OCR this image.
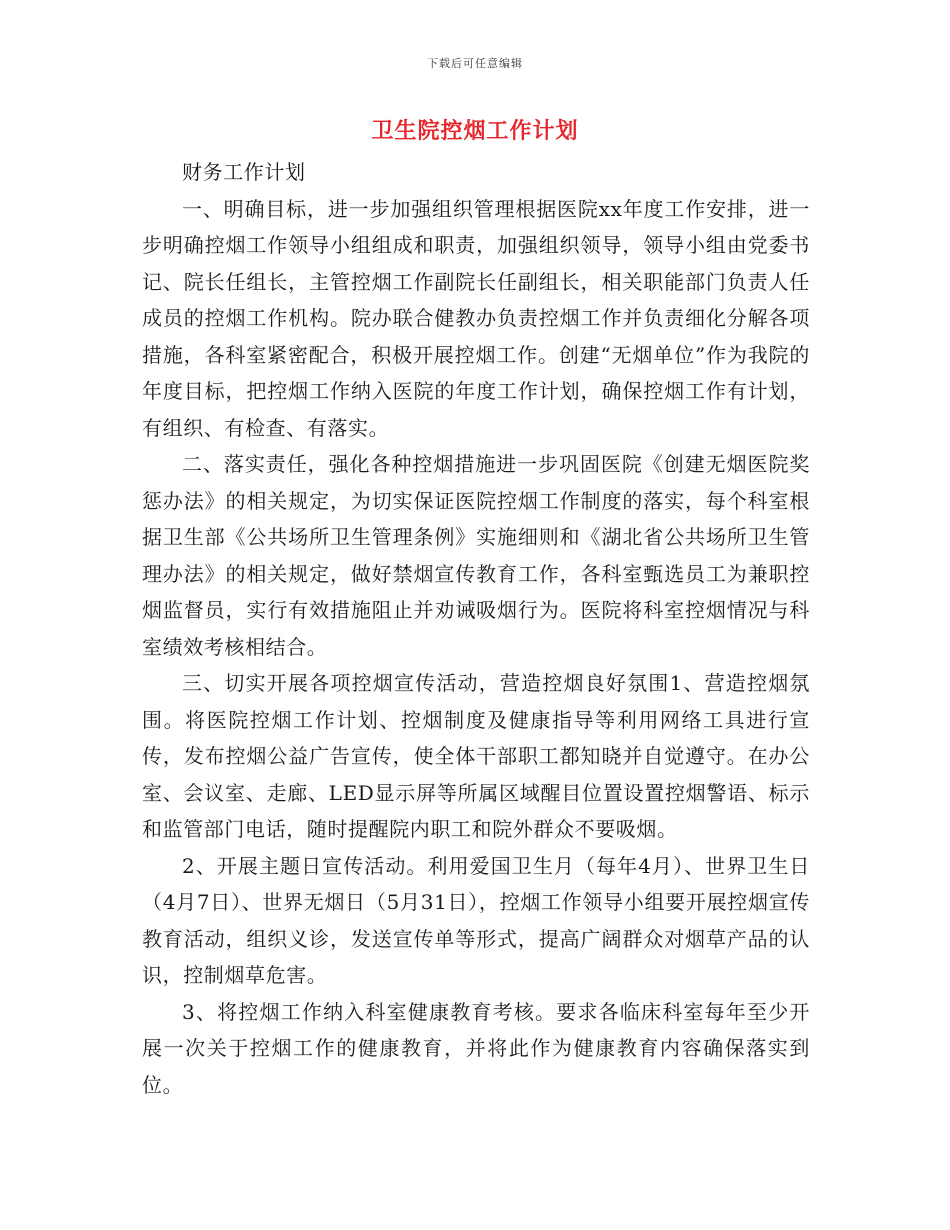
下载后可任意编辑
卫生院控烟工作计划

财务工作计划

一、明确目标，进一步加强组织管理根据医院xx年度工作安排，进一步明确控烟工作领导小组组成和职责，加强组织领导，领导小组由党委书记、院长任组长，主管控烟工作副院长任副组长，相关职能部门负责人任成员的控烟工作机构。院办联合健教办负责控烟工作并负责细化分解各项措施，各科室紧密配合，积极开展控烟工作。创建“无烟单位”作为我院的年度目标，把控烟工作纳入医院的年度工作计划，确保控烟工作有计划，有组织、有检查、有落实。

二、落实责任，强化各种控烟措施进一步巩固医院《创建无烟医院奖惩办法》的相关规定，为切实保证医院控烟工作制度的落实，每个科室根据卫生部《公共场所卫生管理条例》实施细则和《湖北省公共场所卫生管理办法》的相关规定，做好禁烟宣传教育工作，各科室甄选员工为兼职控烟监督员，实行有效措施阻止并劝诫吸烟行为。医院将科室控烟情况与科室绩效考核相结合。

三、切实开展各项控烟宣传活动，营造控烟良好氛围1、营造控烟氛围。将医院控烟工作计划、控烟制度及健康指导等利用网络工具进行宣传，发布控烟公益广告宣传，使全体干部职工都知晓并自觉遵守。在办公室、会议室、走廊、LED显示屏等所属区域醒目位置设置控烟警语、标示和监管部门电话，随时提醒院内职工和院外群众不要吸烟。

2、开展主题日宣传活动。利用爱国卫生月（每年4月）、世界卫生日（4月7日）、世界无烟日（5月31日），控烟工作领导小组要开展控烟宣传教育活动，组织义诊，发送宣传单等形式，提高广阔群众对烟草产品的认识，控制烟草危害。

3、将控烟工作纳入科室健康教育考核。要求各临床科室每年至少开展一次关于控烟工作的健康教育，并将此作为健康教育内容确保落实到位。
